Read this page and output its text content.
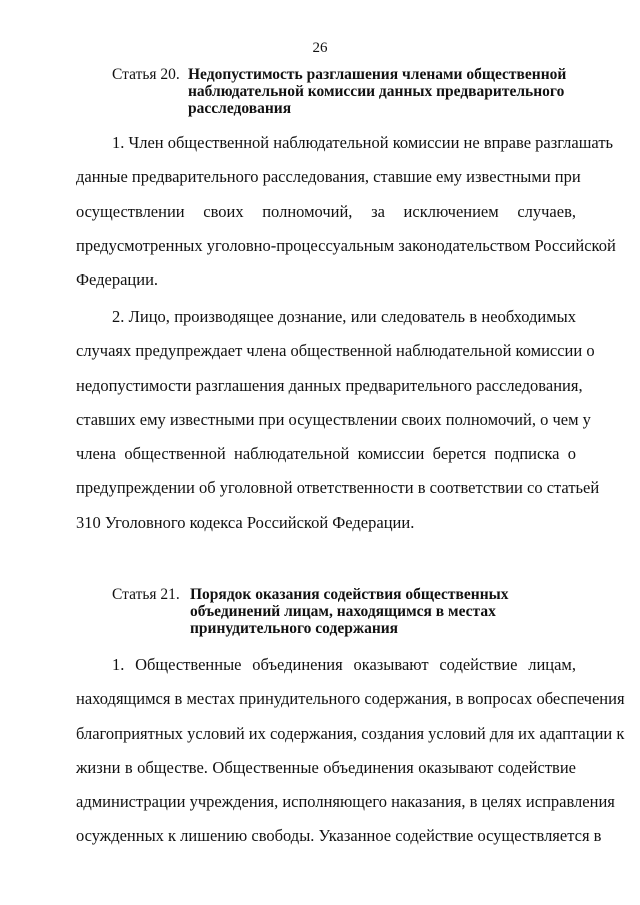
26
Статья 20. Недопустимость разглашения членами общественной
наблюдательной комиссии данных предварительного
расследования
1. Член общественной наблюдательной комиссии не вправе разглашать
данные предварительного расследования, ставшие ему известными при
осуществлении своих полномочий, за исключением случаев,
предусмотренных уголовно-процессуальным законодательством Российской
Федерации.
2. Лицо, производящее дознание, или следователь в необходимых
случаях предупреждает члена общественной наблюдательной комиссии о
недопустимости разглашения данных предварительного расследования,
ставших ему известными при осуществлении своих полномочий, о чем у
члена общественной наблюдательной комиссии берется подписка о
предупреждении об уголовной ответственности в соответствии со статьей
310 Уголовного кодекса Российской Федерации.
Статья 21. Порядок оказания содействия общественных
объединений лицам, находящимся в местах
принудительного содержания
1. Общественные объединения оказывают содействие лицам,
находящимся в местах принудительного содержания, в вопросах обеспечения
благоприятных условий их содержания, создания условий для их адаптации к
жизни в обществе. Общественные объединения оказывают содействие
администрации учреждения, исполняющего наказания, в целях исправления
осужденных к лишению свободы. Указанное содействие осуществляется в
